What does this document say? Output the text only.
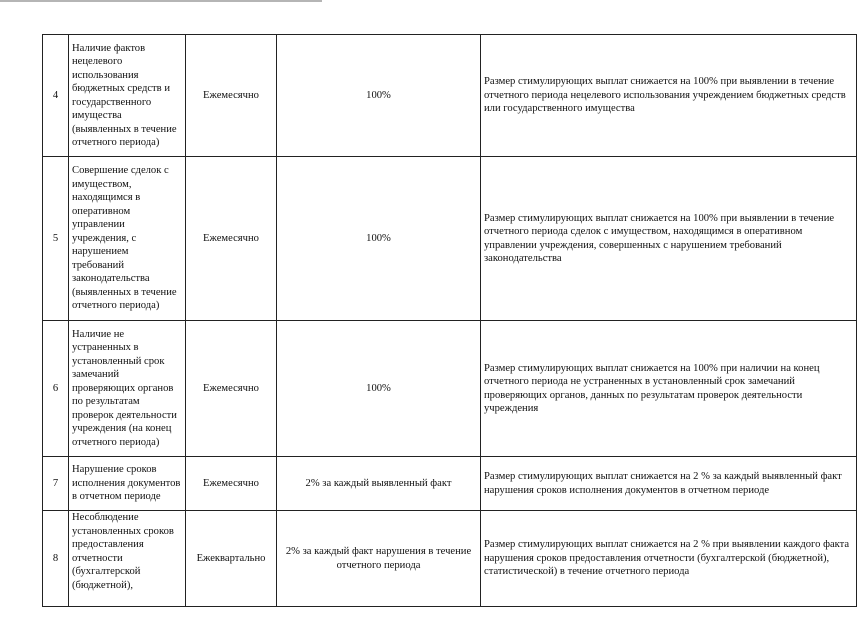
4	Наличие фактов нецелевого использования бюджетных средств и государственного имущества (выявленных в течение отчетного периода)	Ежемесячно	100%	Размер стимулирующих выплат снижается на 100% при выявлении в течение отчетного периода нецелевого использования учреждением бюджетных средств или государственного имущества
5	Совершение сделок с имуществом, находящимся в оперативном управлении учреждения, с нарушением требований законодательства (выявленных в течение отчетного периода)	Ежемесячно	100%	Размер стимулирующих выплат снижается на 100% при выявлении в течение отчетного периода сделок с имуществом, находящимся в оперативном управлении учреждения, совершенных с нарушением требований законодательства
6	Наличие не устраненных в установленный срок замечаний проверяющих органов по результатам проверок деятельности учреждения (на конец отчетного периода)	Ежемесячно	100%	Размер стимулирующих выплат снижается на 100% при наличии на конец отчетного периода не устраненных в установленный срок замечаний проверяющих органов, данных по результатам проверок деятельности учреждения
7	Нарушение сроков исполнения документов в отчетном периоде	Ежемесячно	2% за каждый выявленный факт	Размер стимулирующих выплат снижается на 2 % за каждый выявленный факт нарушения сроков исполнения документов в отчетном периоде
8	Несоблюдение установленных сроков предоставления отчетности (бухгалтерской (бюджетной),	Ежеквартально	2% за каждый факт нарушения в течение отчетного периода	Размер стимулирующих выплат снижается на 2 % при выявлении каждого факта нарушения сроков предоставления отчетности (бухгалтерской (бюджетной), статистической) в течение отчетного периода
